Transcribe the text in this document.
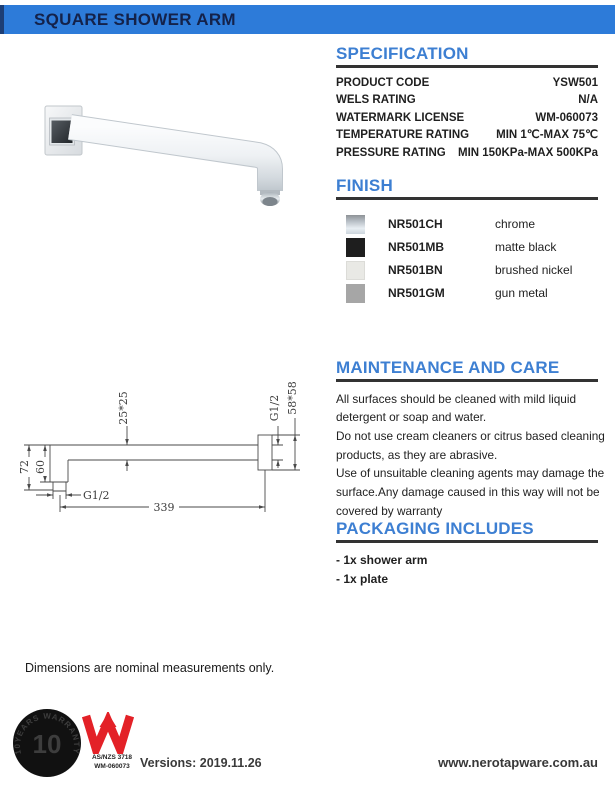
SQUARE SHOWER ARM
SPECIFICATION
PRODUCT CODE	YSW501
WELS RATING	N/A
WATERMARK LICENSE	WM-060073
TEMPERATURE RATING MIN 1℃-MAX 75℃
PRESSURE RATING MIN 150KPa-MAX 500KPa
FINISH
NR501CH	chrome
NR501MB	matte black
NR501BN	brushed nickel
NR501GM	gun metal
MAINTENANCE AND CARE
All surfaces should be cleaned with mild liquid
detergent or soap and water.
Do not use cream cleaners or citrus based cleaning
products, as they are abrasive.
Use of unsuitable cleaning agents may damage the
surface.Any damage caused in this way will not be
covered by warranty
PACKAGING INCLUDES
- 1x shower arm
- 1x plate
25*25	G1/2 58*58
72 60
G1/2
339
Dimensions are nominal measurements only.
10YEARS WARRANTY
10	AS/NZS 3718
WM-060073 Versions: 2019.11.26	www.nerotapware.com.au
